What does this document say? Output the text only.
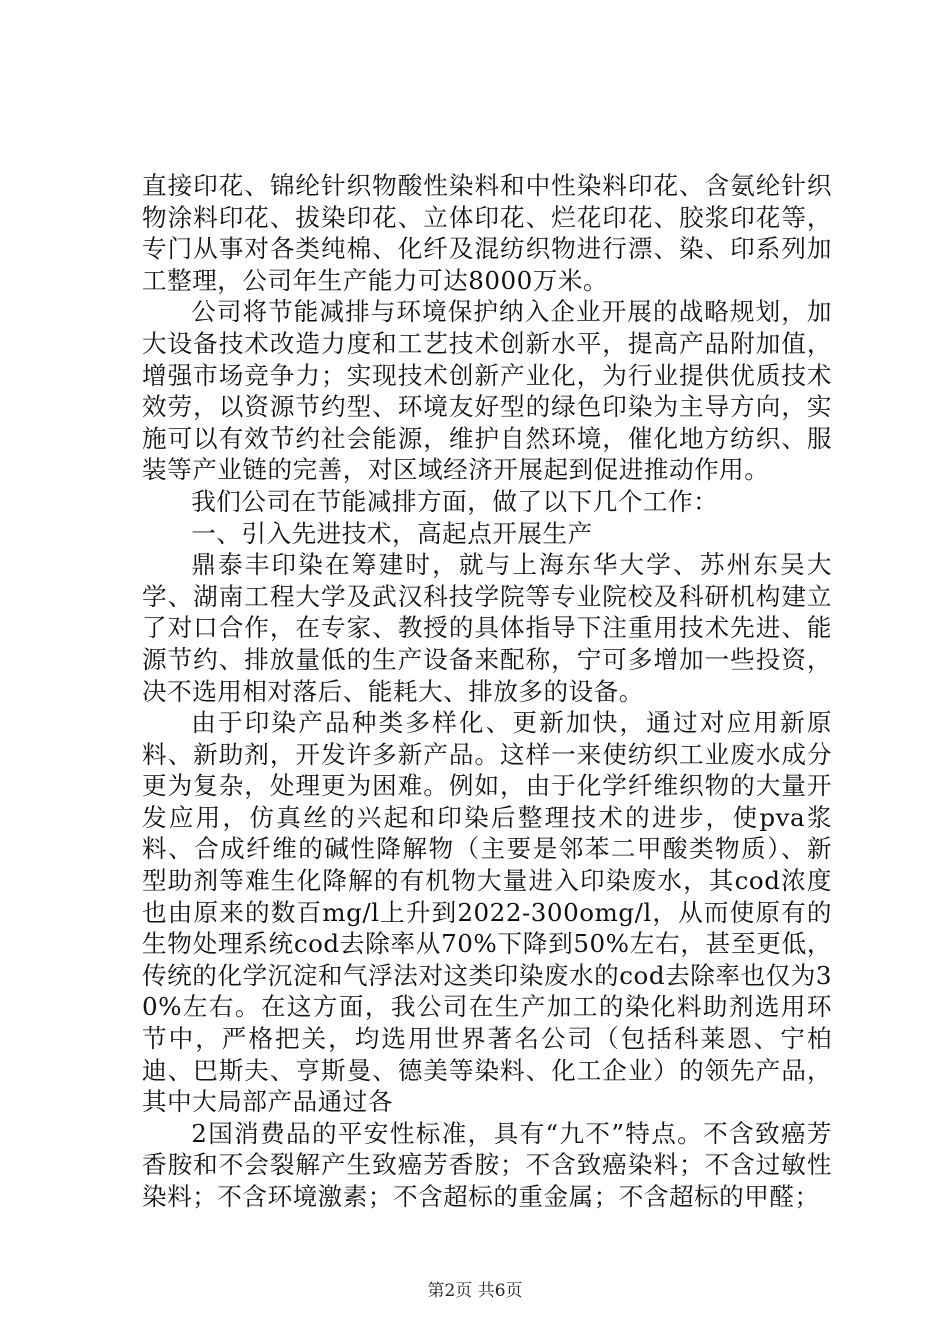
直接印花、锦纶针织物酸性染料和中性染料印花、含氨纶针织物涂料印花、拔染印花、立体印花、烂花印花、胶浆印花等，专门从事对各类纯棉、化纤及混纺织物进行漂、染、印系列加工整理，公司年生产能力可达8000万米。

公司将节能减排与环境保护纳入企业开展的战略规划，加大设备技术改造力度和工艺技术创新水平，提高产品附加值，增强市场竞争力；实现技术创新产业化，为行业提供优质技术效劳，以资源节约型、环境友好型的绿色印染为主导方向，实施可以有效节约社会能源，维护自然环境，催化地方纺织、服装等产业链的完善，对区域经济开展起到促进推动作用。

我们公司在节能减排方面，做了以下几个工作：

一、引入先进技术，高起点开展生产

鼎泰丰印染在筹建时，就与上海东华大学、苏州东吴大学、湖南工程大学及武汉科技学院等专业院校及科研机构建立了对口合作，在专家、教授的具体指导下注重用技术先进、能源节约、排放量低的生产设备来配称，宁可多增加一些投资，决不选用相对落后、能耗大、排放多的设备。

由于印染产品种类多样化、更新加快，通过对应用新原料、新助剂，开发许多新产品。这样一来使纺织工业废水成分更为复杂，处理更为困难。例如，由于化学纤维织物的大量开发应用，仿真丝的兴起和印染后整理技术的进步，使pva浆料、合成纤维的碱性降解物（主要是邻苯二甲酸类物质）、新型助剂等难生化降解的有机物大量进入印染废水，其cod浓度也由原来的数百mg/l上升到2022-300omg/l，从而使原有的生物处理系统cod去除率从70%下降到50%左右，甚至更低，传统的化学沉淀和气浮法对这类印染废水的cod去除率也仅为30%左右。在这方面，我公司在生产加工的染化料助剂选用环节中，严格把关，均选用世界著名公司（包括科莱恩、宁柏迪、巴斯夫、亨斯曼、德美等染料、化工企业）的领先产品，其中大局部产品通过各

2国消费品的平安性标准，具有“九不”特点。不含致癌芳香胺和不会裂解产生致癌芳香胺；不含致癌染料；不含过敏性染料；不含环境激素；不含超标的重金属；不含超标的甲醛；

第2页 共6页
